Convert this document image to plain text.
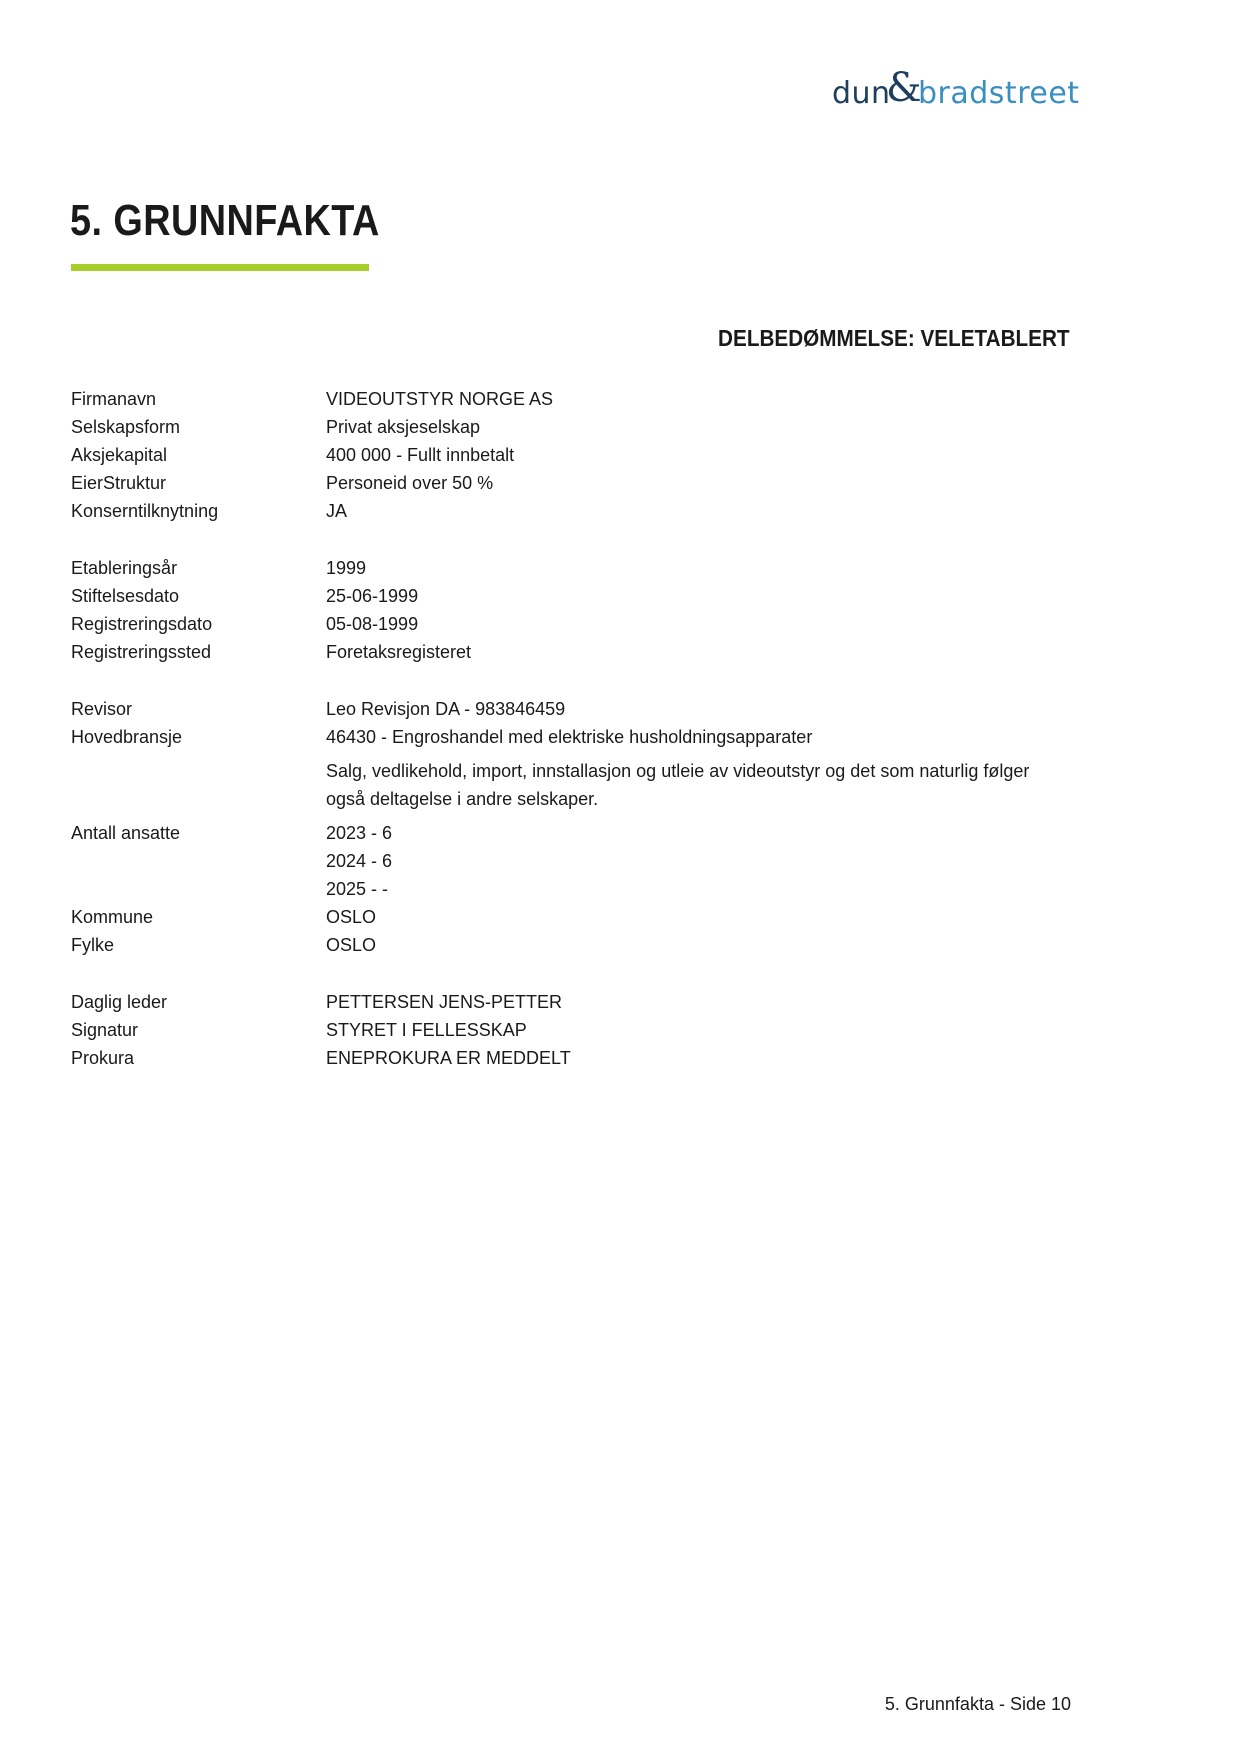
dun
&
bradstreet
5. GRUNNFAKTA
DELBEDØMMELSE: VELETABLERT
Firmanavn	VIDEOUTSTYR NORGE AS
Selskapsform	Privat aksjeselskap
Aksjekapital	400 000 - Fullt innbetalt
EierStruktur	Personeid over 50 %
Konserntilknytning	JA
Etableringsår	1999
Stiftelsesdato	25-06-1999
Registreringsdato	05-08-1999
Registreringssted	Foretaksregisteret
Revisor	Leo Revisjon DA - 983846459
Hovedbransje	46430 - Engroshandel med elektriske husholdningsapparater
Salg, vedlikehold, import, innstallasjon og utleie av videoutstyr og det som naturlig følger også deltagelse i andre selskaper.
Antall ansatte	2023 - 6
2024 - 6
2025 - -
Kommune	OSLO
Fylke	OSLO
Daglig leder	PETTERSEN JENS-PETTER
Signatur	STYRET I FELLESSKAP
Prokura	ENEPROKURA ER MEDDELT
5. Grunnfakta - Side 10
